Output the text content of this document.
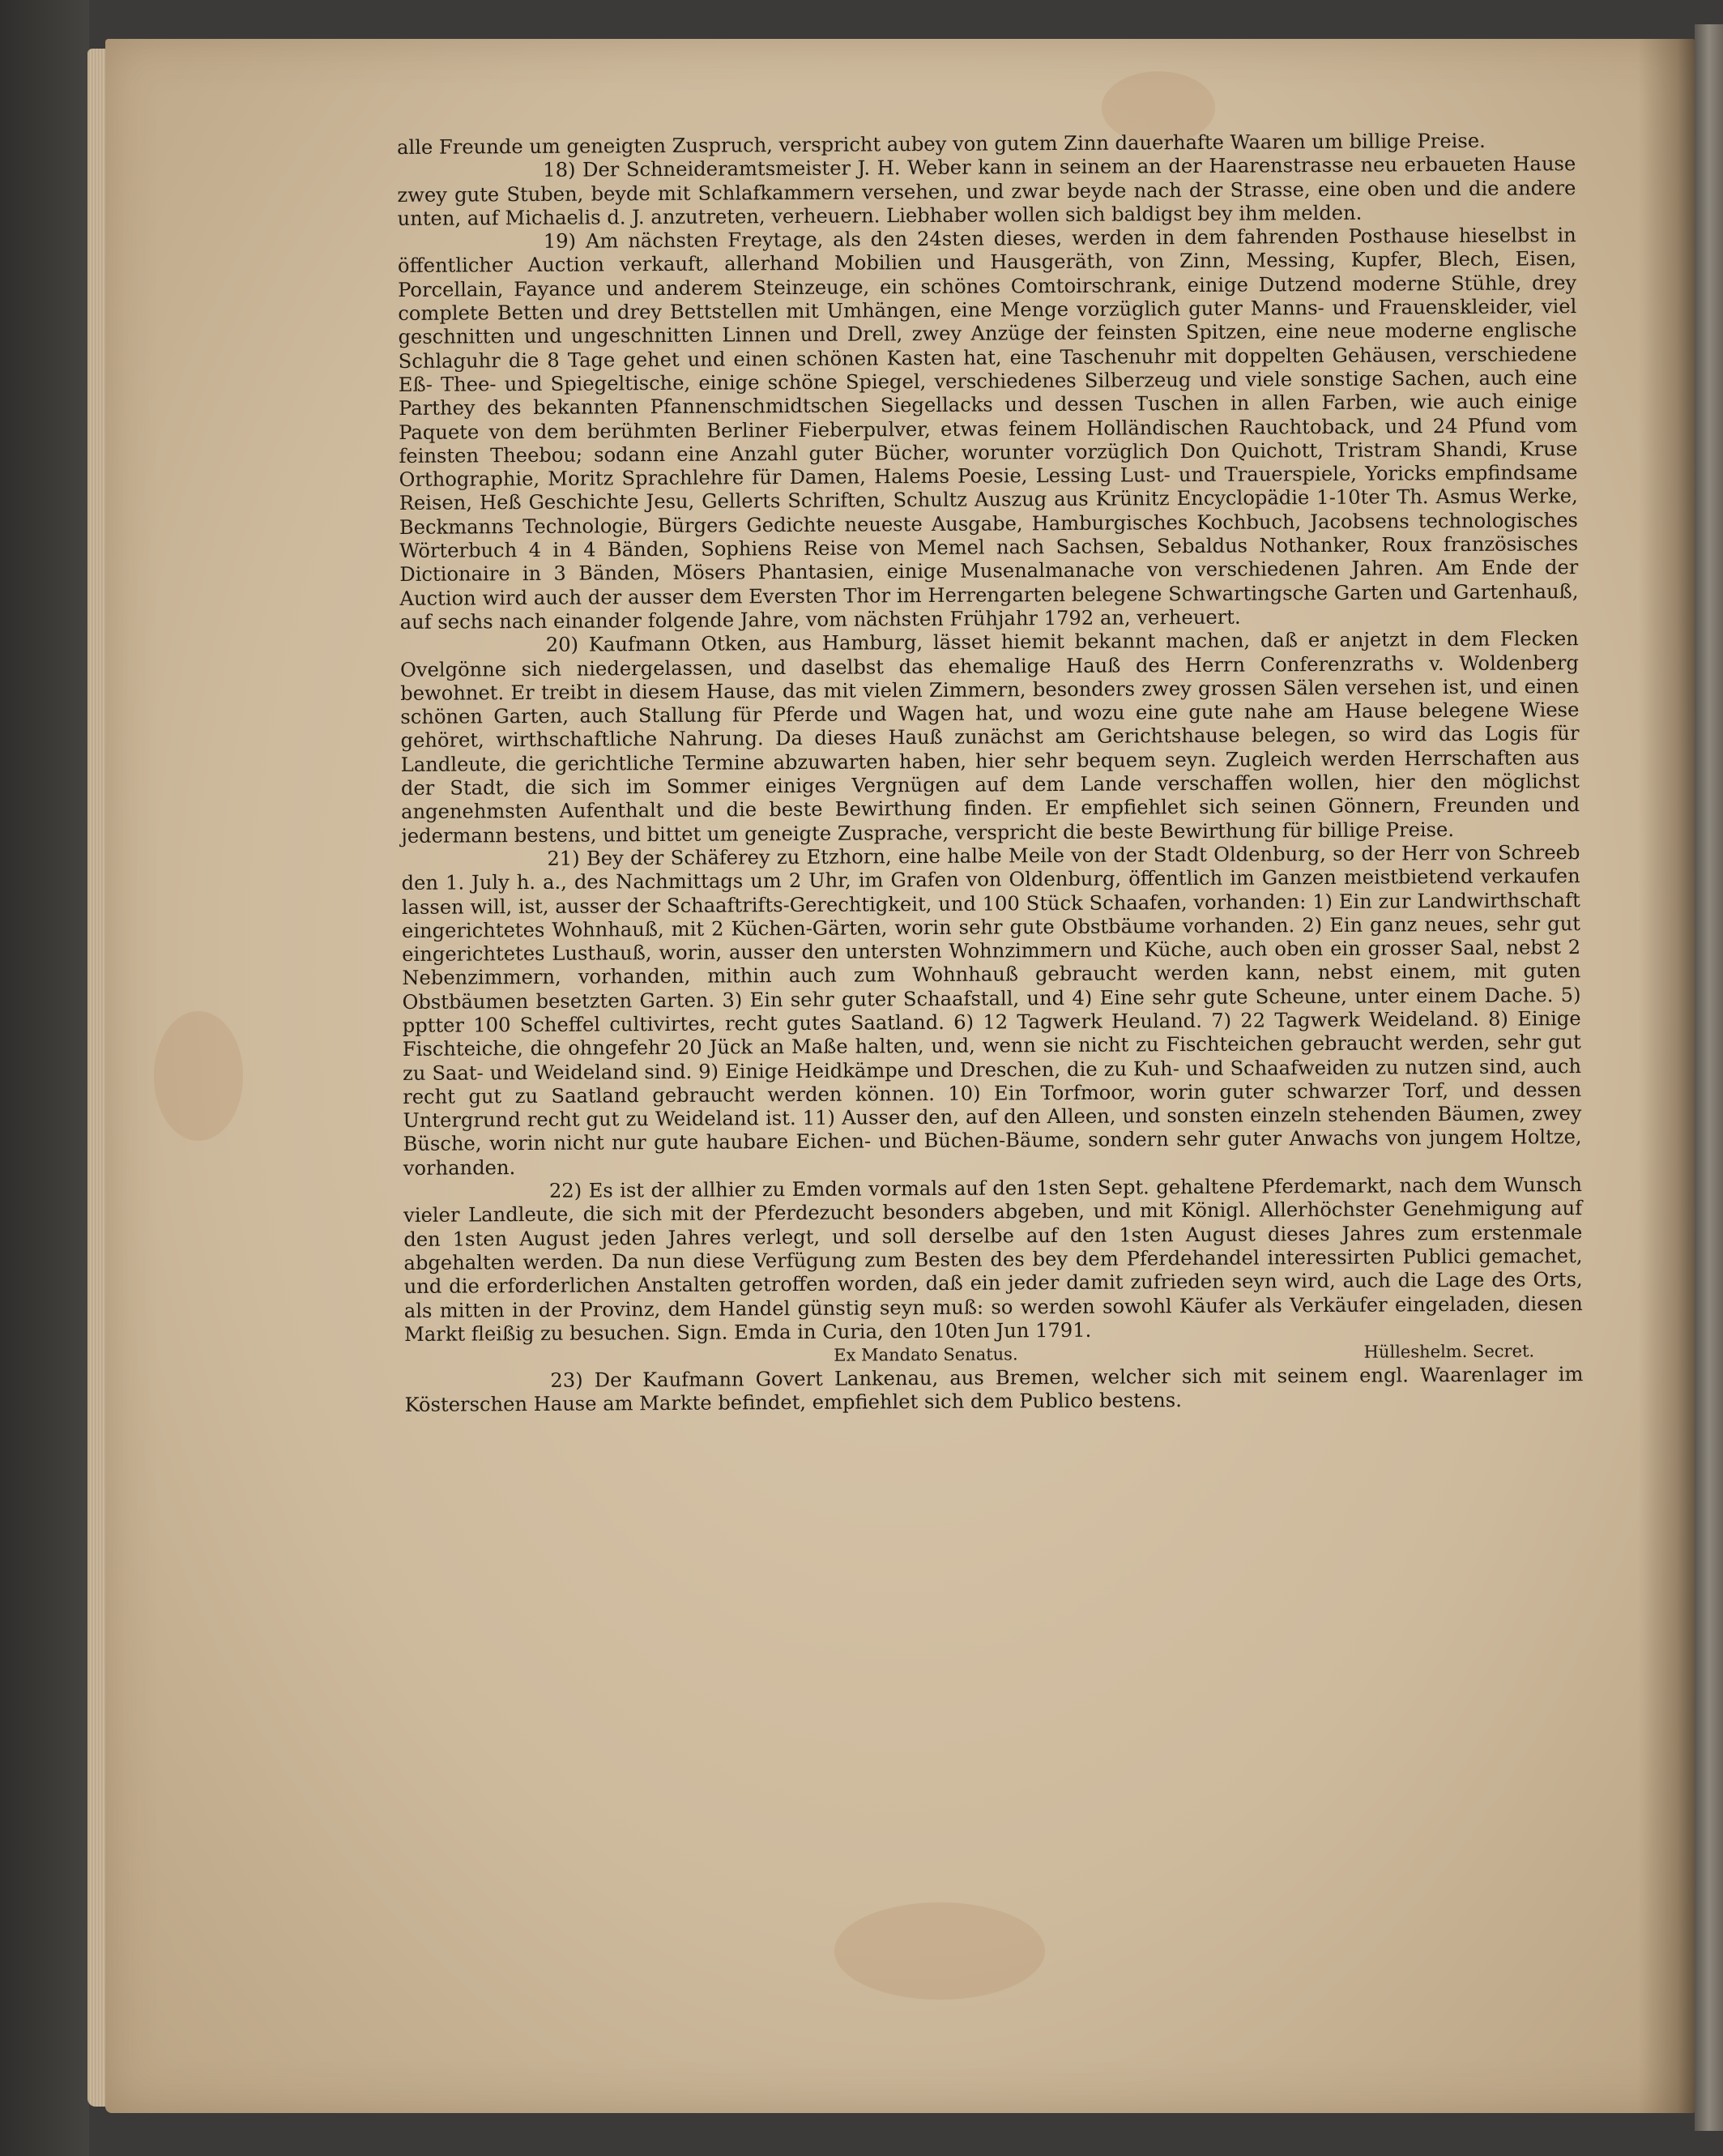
alle Freunde um geneigten Zuspruch, verspricht aubey von gutem Zinn dauerhafte Waaren um billige Preise.

18) Der Schneideramtsmeister J. H. Weber kann in seinem an der Haarenstrasse neu erbaueten Hause zwey gute Stuben, beyde mit Schlafkammern versehen, und zwar beyde nach der Strasse, eine oben und die andere unten, auf Michaelis d. J. anzutreten, verheuern. Liebhaber wollen sich baldigst bey ihm melden.

19) Am nächsten Freytage, als den 24sten dieses, werden in dem fahrenden Posthause hieselbst in öffentlicher Auction verkauft, allerhand Mobilien und Hausgeräth, von Zinn, Messing, Kupfer, Blech, Eisen, Porcellain, Fayance und anderem Steinzeuge, ein schönes Comtoirschrank, einige Dutzend moderne Stühle, drey complete Betten und drey Bettstellen mit Umhängen, eine Menge vorzüglich guter Manns- und Frauenskleider, viel geschnitten und ungeschnitten Linnen und Drell, zwey Anzüge der feinsten Spitzen, eine neue moderne englische Schlaguhr die 8 Tage gehet und einen schönen Kasten hat, eine Taschenuhr mit doppelten Gehäusen, verschiedene Eß- Thee- und Spiegeltische, einige schöne Spiegel, verschiedenes Silberzeug und viele sonstige Sachen, auch eine Parthey des bekannten Pfannenschmidtschen Siegellacks und dessen Tuschen in allen Farben, wie auch einige Paquete von dem berühmten Berliner Fieberpulver, etwas feinem Holländischen Rauchtoback, und 24 Pfund vom feinsten Theebou; sodann eine Anzahl guter Bücher, worunter vorzüglich Don Quichott, Tristram Shandi, Kruse Orthographie, Moritz Sprachlehre für Damen, Halems Poesie, Lessing Lust- und Trauerspiele, Yoricks empfindsame Reisen, Heß Geschichte Jesu, Gellerts Schriften, Schultz Auszug aus Krünitz Encyclopädie 1-10ter Th. Asmus Werke, Beckmanns Technologie, Bürgers Gedichte neueste Ausgabe, Hamburgisches Kochbuch, Jacobsens technologisches Wörterbuch 4 in 4 Bänden, Sophiens Reise von Memel nach Sachsen, Sebaldus Nothanker, Roux französisches Dictionaire in 3 Bänden, Mösers Phantasien, einige Musenalmanache von verschiedenen Jahren. Am Ende der Auction wird auch der ausser dem Eversten Thor im Herrengarten belegene Schwartingsche Garten und Gartenhauß, auf sechs nach einander folgende Jahre, vom nächsten Frühjahr 1792 an, verheuert.

20) Kaufmann Otken, aus Hamburg, lässet hiemit bekannt machen, daß er anjetzt in dem Flecken Ovelgönne sich niedergelassen, und daselbst das ehemalige Hauß des Herrn Conferenzraths v. Woldenberg bewohnet. Er treibt in diesem Hause, das mit vielen Zimmern, besonders zwey grossen Sälen versehen ist, und einen schönen Garten, auch Stallung für Pferde und Wagen hat, und wozu eine gute nahe am Hause belegene Wiese gehöret, wirthschaftliche Nahrung. Da dieses Hauß zunächst am Gerichtshause belegen, so wird das Logis für Landleute, die gerichtliche Termine abzuwarten haben, hier sehr bequem seyn. Zugleich werden Herrschaften aus der Stadt, die sich im Sommer einiges Vergnügen auf dem Lande verschaffen wollen, hier den möglichst angenehmsten Aufenthalt und die beste Bewirthung finden. Er empfiehlet sich seinen Gönnern, Freunden und jedermann bestens, und bittet um geneigte Zusprache, verspricht die beste Bewirthung für billige Preise.

21) Bey der Schäferey zu Etzhorn, eine halbe Meile von der Stadt Oldenburg, so der Herr von Schreeb den 1. July h. a., des Nachmittags um 2 Uhr, im Grafen von Oldenburg, öffentlich im Ganzen meistbietend verkaufen lassen will, ist, ausser der Schaaftrifts-Gerechtigkeit, und 100 Stück Schaafen, vorhanden: 1) Ein zur Landwirthschaft eingerichtetes Wohnhauß, mit 2 Küchen-Gärten, worin sehr gute Obstbäume vorhanden. 2) Ein ganz neues, sehr gut eingerichtetes Lusthauß, worin, ausser den untersten Wohnzimmern und Küche, auch oben ein grosser Saal, nebst 2 Nebenzimmern, vorhanden, mithin auch zum Wohnhauß gebraucht werden kann, nebst einem, mit guten Obstbäumen besetzten Garten. 3) Ein sehr guter Schaafstall, und 4) Eine sehr gute Scheune, unter einem Dache. 5) pptter 100 Scheffel cultivirtes, recht gutes Saatland. 6) 12 Tagwerk Heuland. 7) 22 Tagwerk Weideland. 8) Einige Fischteiche, die ohngefehr 20 Jück an Maße halten, und, wenn sie nicht zu Fischteichen gebraucht werden, sehr gut zu Saat- und Weideland sind. 9) Einige Heidkämpe und Dreschen, die zu Kuh- und Schaafweiden zu nutzen sind, auch recht gut zu Saatland gebraucht werden können. 10) Ein Torfmoor, worin guter schwarzer Torf, und dessen Untergrund recht gut zu Weideland ist. 11) Ausser den, auf den Alleen, und sonsten einzeln stehenden Bäumen, zwey Büsche, worin nicht nur gute haubare Eichen- und Büchen-Bäume, sondern sehr guter Anwachs von jungem Holtze, vorhanden.

22) Es ist der allhier zu Emden vormals auf den 1sten Sept. gehaltene Pferdemarkt, nach dem Wunsch vieler Landleute, die sich mit der Pferdezucht besonders abgeben, und mit Königl. Allerhöchster Genehmigung auf den 1sten August jeden Jahres verlegt, und soll derselbe auf den 1sten August dieses Jahres zum erstenmale abgehalten werden. Da nun diese Verfügung zum Besten des bey dem Pferdehandel interessirten Publici gemachet, und die erforderlichen Anstalten getroffen worden, daß ein jeder damit zufrieden seyn wird, auch die Lage des Orts, als mitten in der Provinz, dem Handel günstig seyn muß: so werden sowohl Käufer als Verkäufer eingeladen, diesen Markt fleißig zu besuchen. Sign. Emda in Curia, den 10ten Jun 1791.

Ex Mandato Senatus.	Hülleshelm. Secret.

23) Der Kaufmann Govert Lankenau, aus Bremen, welcher sich mit seinem engl. Waarenlager im Kösterschen Hause am Markte befindet, empfiehlet sich dem Publico bestens.
